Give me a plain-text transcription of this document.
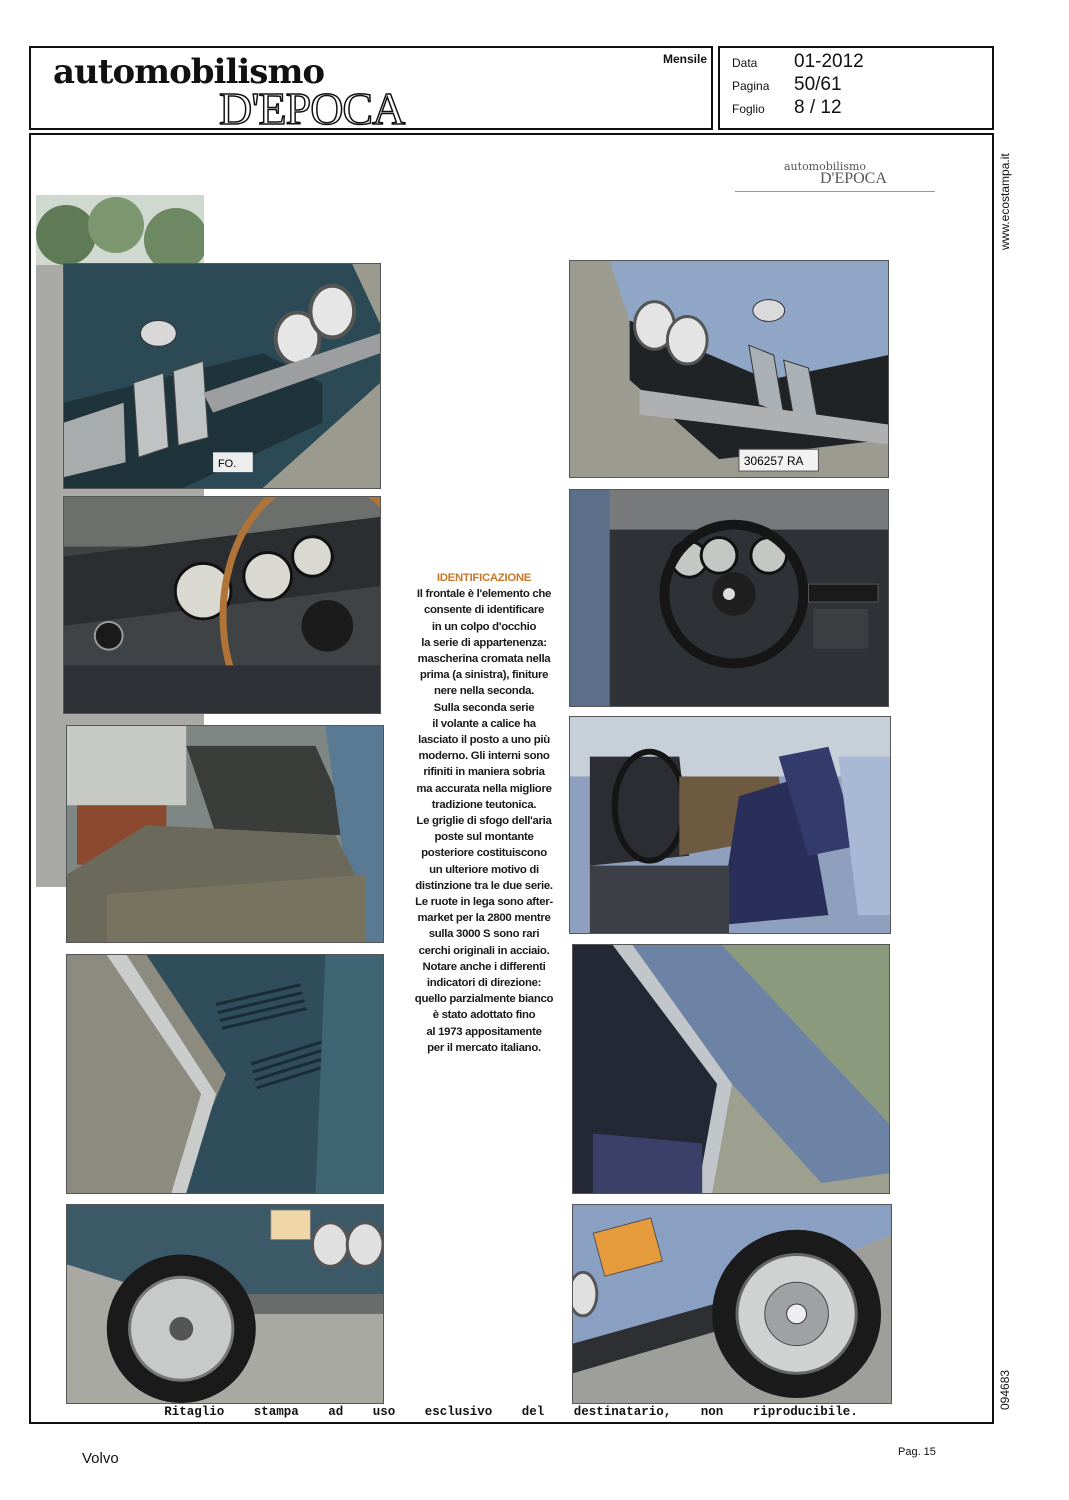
automobilismo
D'EPOCA
Mensile Data 01-2012
Pagina 50/61
Foglio 8 / 12
www.ecostampa.it
094683
automobilismo
D'EPOCA
FO.	306257 RA
IDENTIFICAZIONE
Il frontale è l'elemento che
consente di identificare
in un colpo d'occhio
la serie di appartenenza:
mascherina cromata nella
prima (a sinistra), finiture
nere nella seconda.
Sulla seconda serie
il volante a calice ha
lasciato il posto a uno più
moderno. Gli interni sono
rifiniti in maniera sobria
ma accurata nella migliore
tradizione teutonica.
Le griglie di sfogo dell'aria
poste sul montante
posteriore costituiscono
un ulteriore motivo di
distinzione tra le due serie.
Le ruote in lega sono after-
market per la 2800 mentre
sulla 3000 S sono rari
cerchi originali in acciaio.
Notare anche i differenti
indicatori di direzione:
quello parzialmente bianco
è stato adottato fino
al 1973 appositamente
per il mercato italiano.
Ritaglio stampa ad uso esclusivo del destinatario, non riproducibile.
Volvo	Pag. 15
